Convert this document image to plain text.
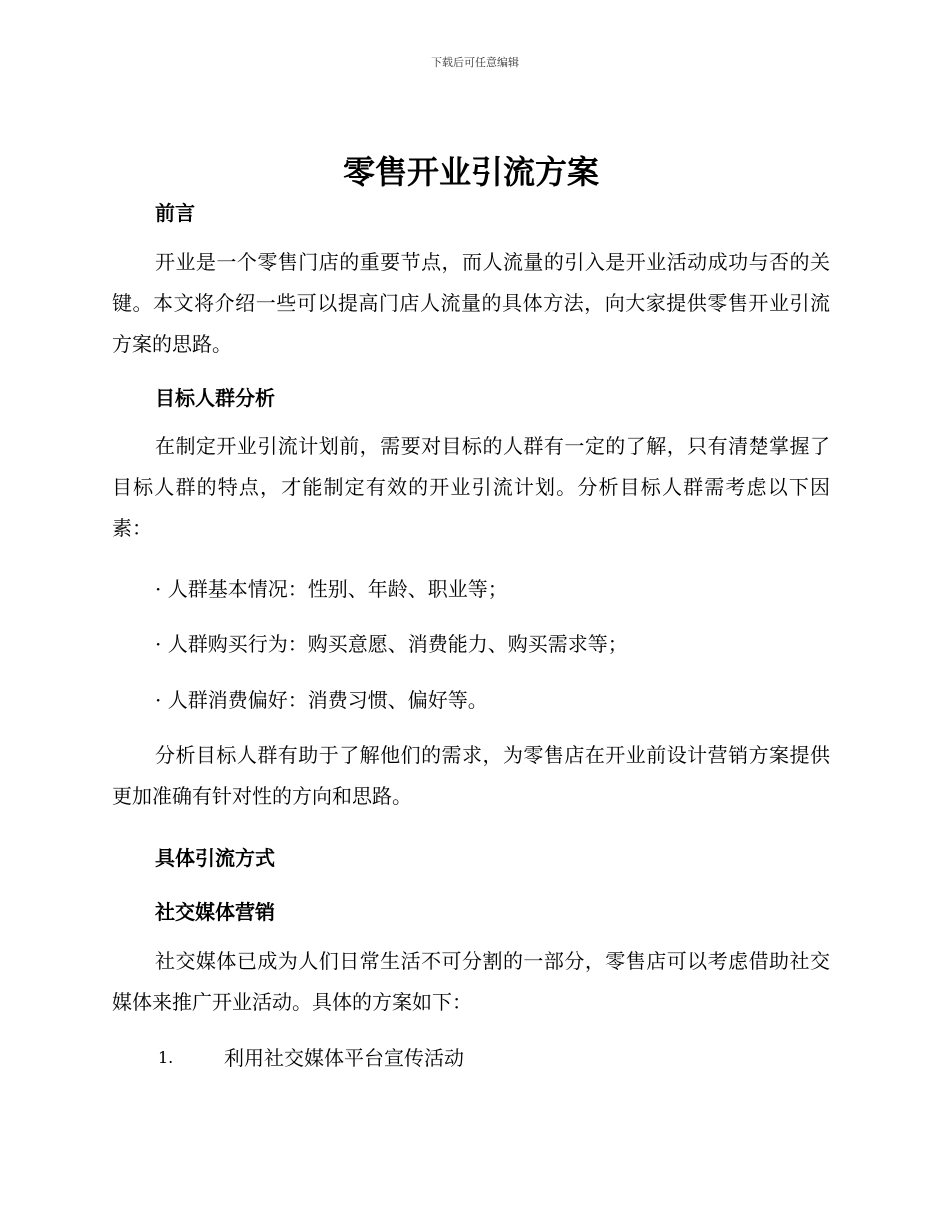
下载后可任意编辑
零售开业引流方案
前言
开业是一个零售门店的重要节点，而人流量的引入是开业活动成功与否的关键。本文将介绍一些可以提高门店人流量的具体方法，向大家提供零售开业引流方案的思路。
目标人群分析
在制定开业引流计划前，需要对目标的人群有一定的了解，只有清楚掌握了目标人群的特点，才能制定有效的开业引流计划。分析目标人群需考虑以下因素：
· 人群基本情况：性别、年龄、职业等；
· 人群购买行为：购买意愿、消费能力、购买需求等；
· 人群消费偏好：消费习惯、偏好等。
分析目标人群有助于了解他们的需求，为零售店在开业前设计营销方案提供更加准确有针对性的方向和思路。
具体引流方式
社交媒体营销
社交媒体已成为人们日常生活不可分割的一部分，零售店可以考虑借助社交媒体来推广开业活动。具体的方案如下：
1.	利用社交媒体平台宣传活动
